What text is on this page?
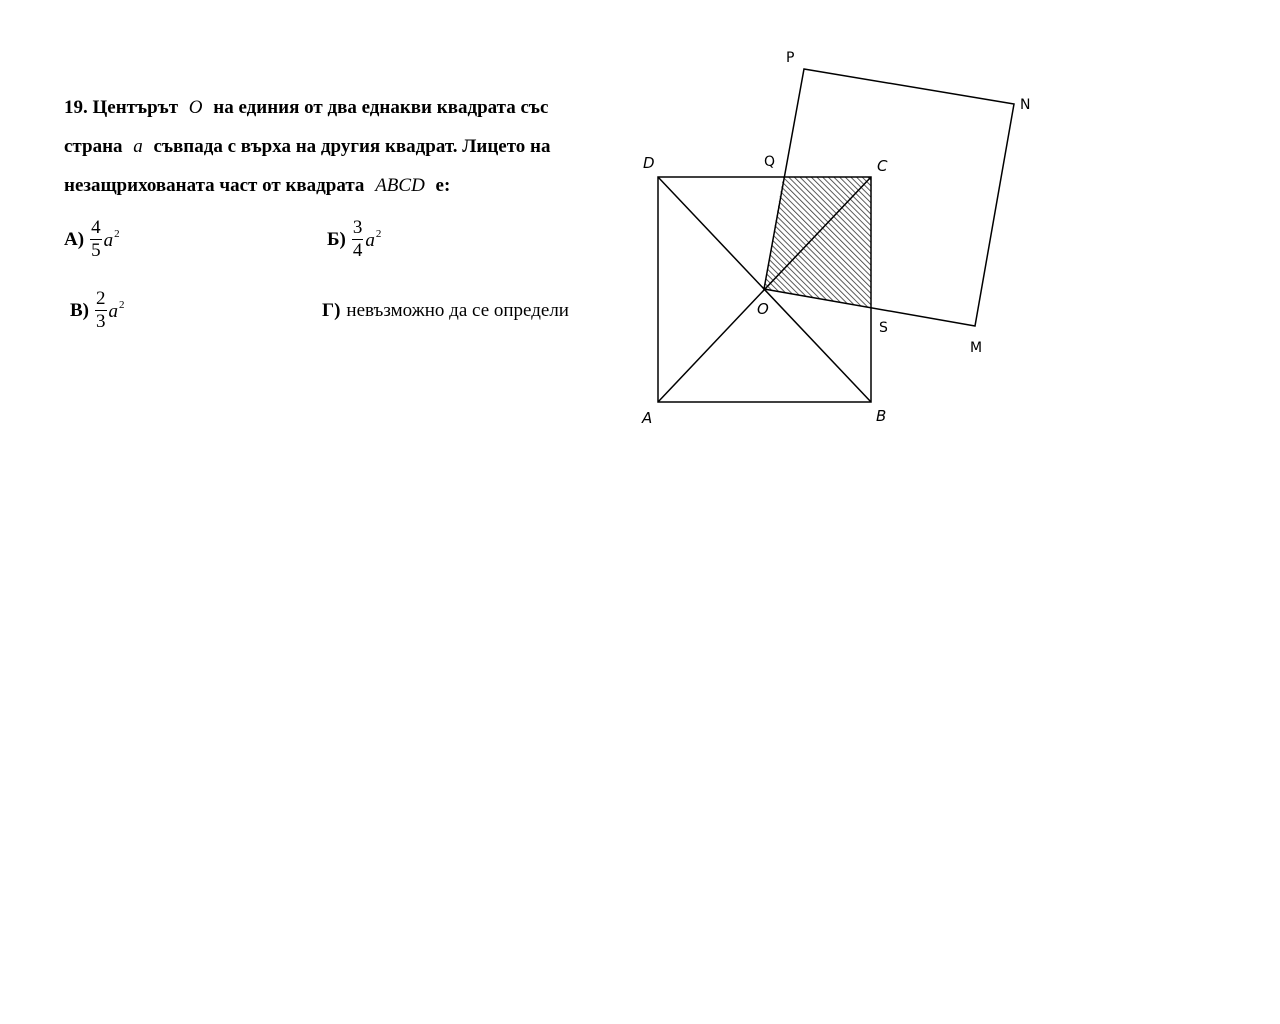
19. Центърът O на единия от два еднакви квадрата със
страна a съвпада с върха на другия квадрат. Лицето на
незащрихованата част от квадрата ABCD е:
$А) \frac{4}{5} a^2$	$Б) \frac{3}{4} a^2$
$В) \frac{2}{3} a^2$	Г) невъзможно да се определи
A	B
C
D
O
P
N
Q
S
M
